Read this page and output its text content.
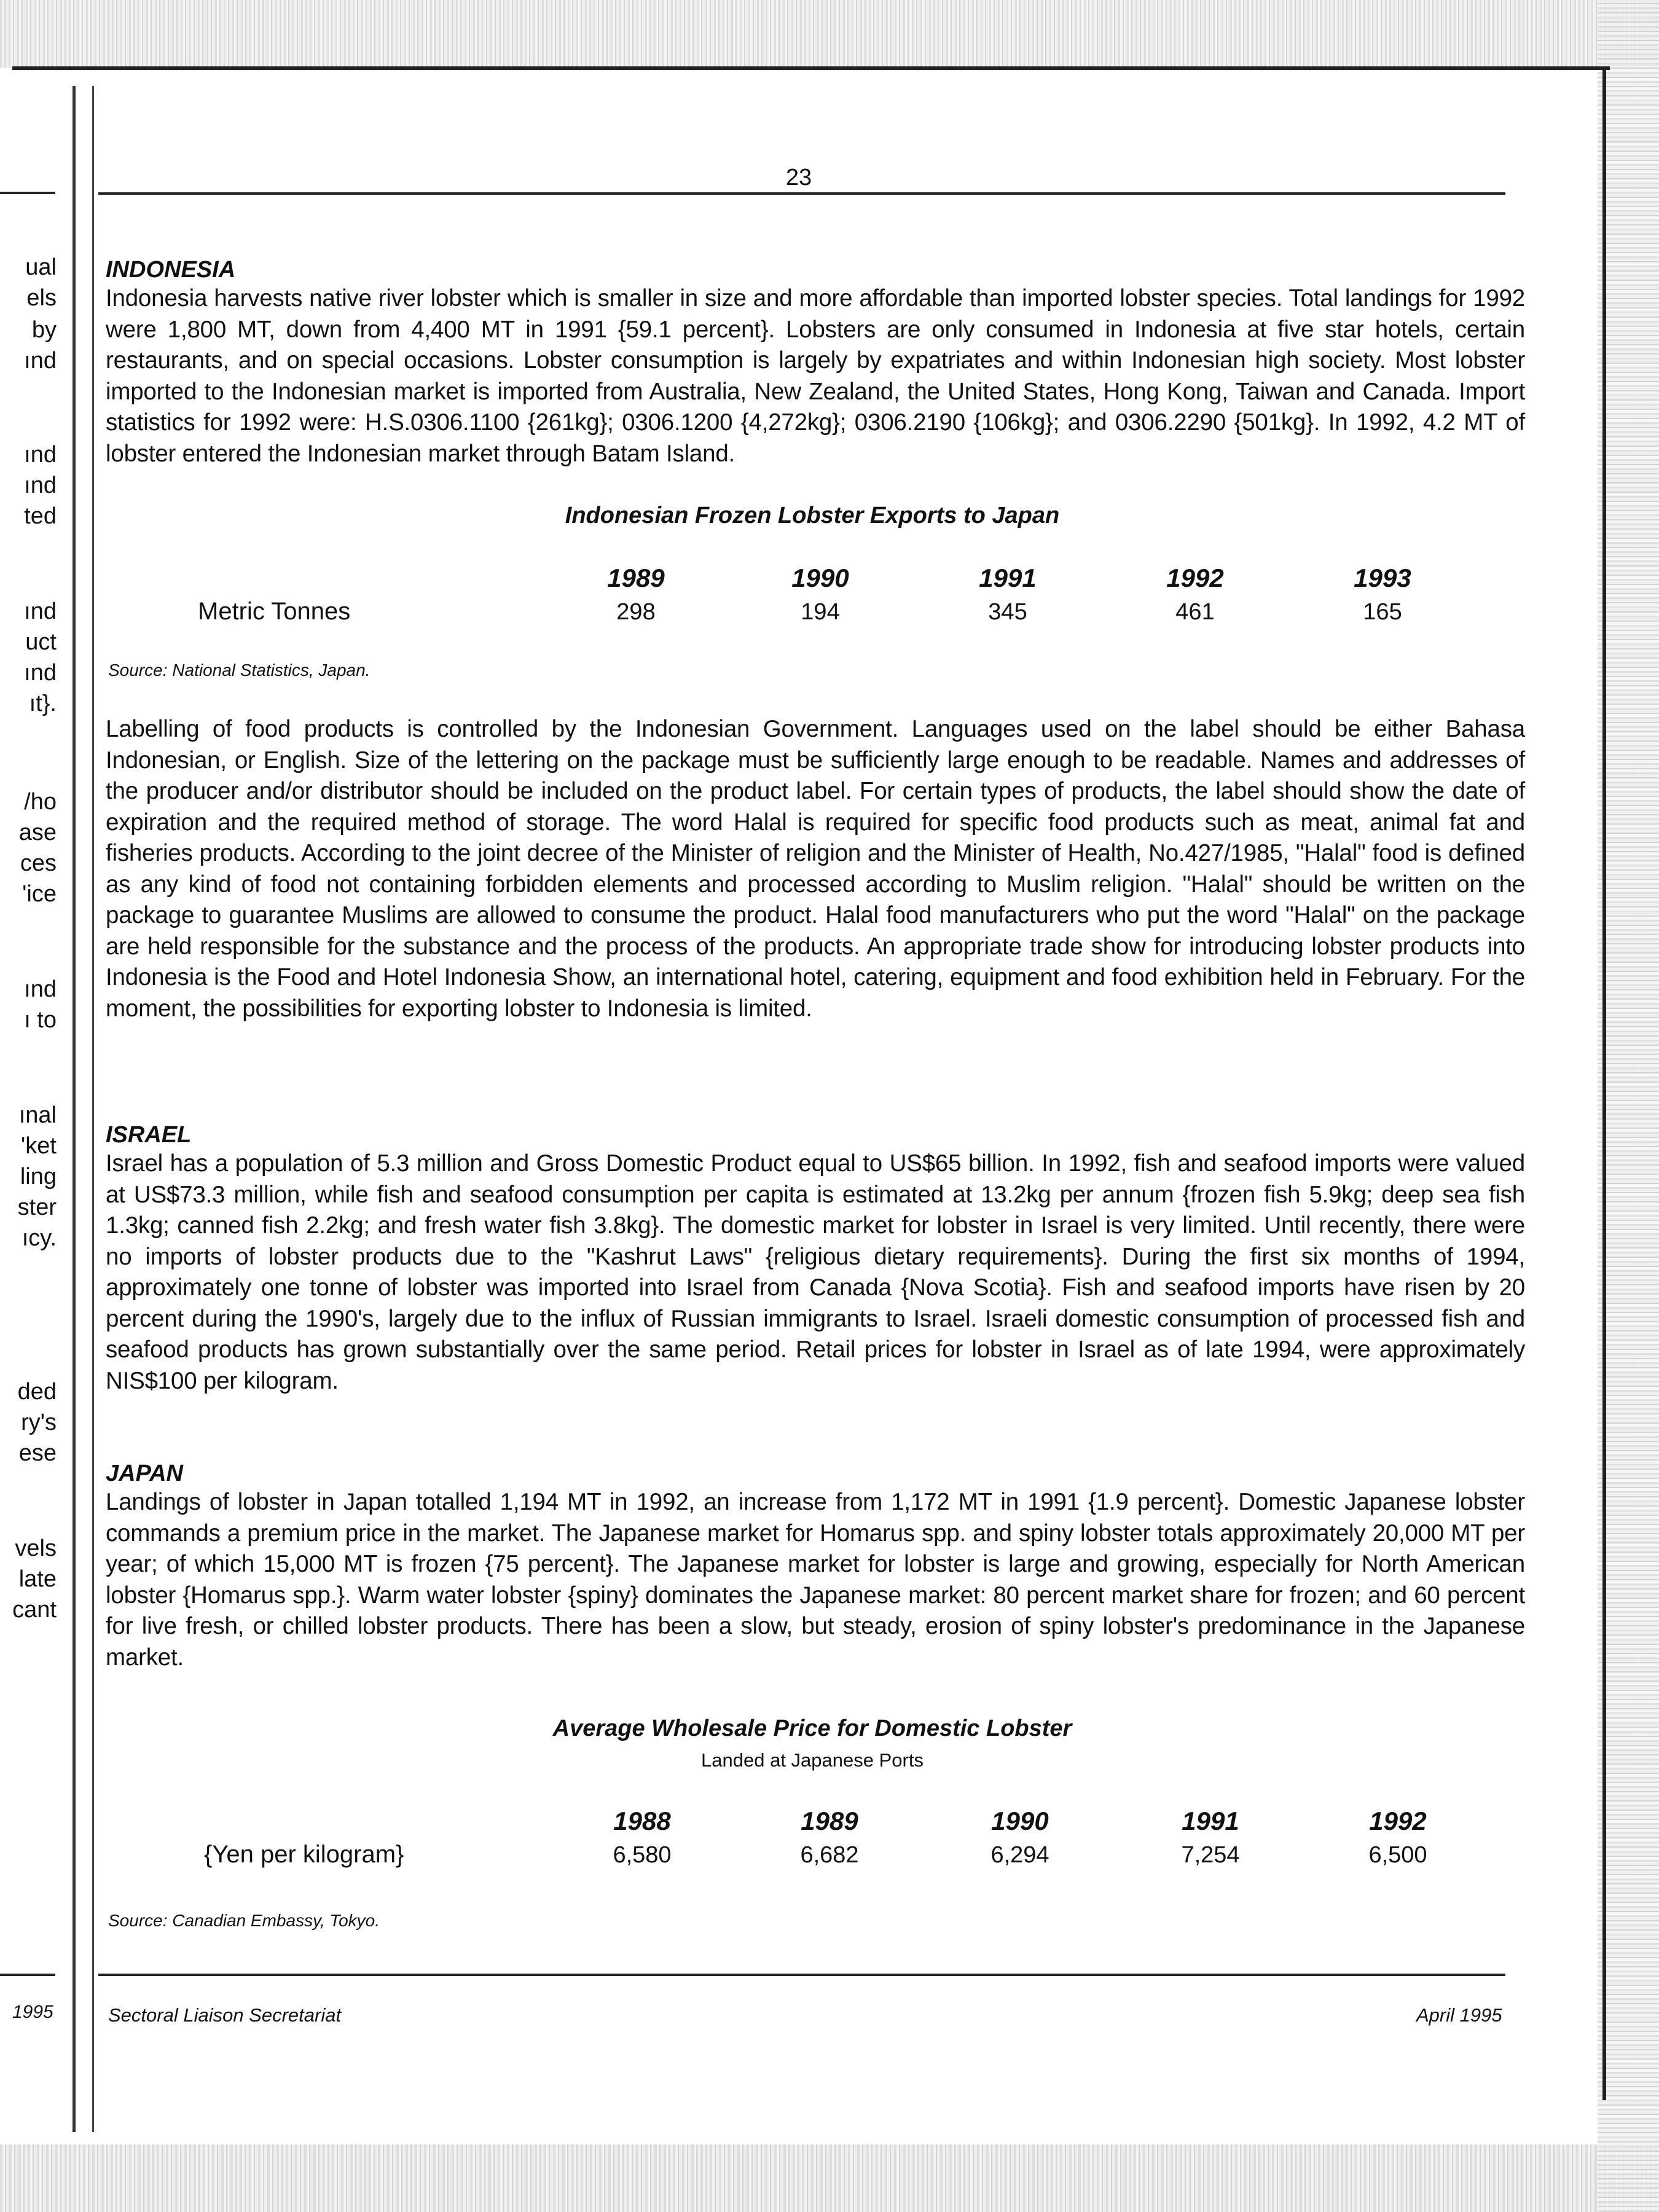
ual
els
by
ınd
ınd
ınd
ted
ınd
uct
ınd
ıt}.
/ho
ase
ces
'ice
ınd
ı to
ınal
'ket
ling
ster
ıcy.
ded
ry's
ese
vels
late
cant
1995
23
INDONESIA

Indonesia harvests native river lobster which is smaller in size and more affordable than imported lobster species. Total landings for 1992 were 1,800 MT, down from 4,400 MT in 1991 {59.1 percent}. Lobsters are only consumed in Indonesia at five star hotels, certain restaurants, and on special occasions. Lobster consumption is largely by expatriates and within Indonesian high society. Most lobster imported to the Indonesian market is imported from Australia, New Zealand, the United States, Hong Kong, Taiwan and Canada. Import statistics for 1992 were: H.S.0306.1100 {261kg}; 0306.1200 {4,272kg}; 0306.2190 {106kg}; and 0306.2290 {501kg}. In 1992, 4.2 MT of lobster entered the Indonesian market through Batam Island.

Indonesian Frozen Lobster Exports to Japan
1989	1990	1991	1992	1993
Metric Tonnes	298	194	345	461	165
Source: National Statistics, Japan.

Labelling of food products is controlled by the Indonesian Government. Languages used on the label should be either Bahasa Indonesian, or English. Size of the lettering on the package must be sufficiently large enough to be readable. Names and addresses of the producer and/or distributor should be included on the product label. For certain types of products, the label should show the date of expiration and the required method of storage. The word Halal is required for specific food products such as meat, animal fat and fisheries products. According to the joint decree of the Minister of religion and the Minister of Health, No.427/1985, "Halal" food is defined as any kind of food not containing forbidden elements and processed according to Muslim religion. "Halal" should be written on the package to guarantee Muslims are allowed to consume the product. Halal food manufacturers who put the word "Halal" on the package are held responsible for the substance and the process of the products. An appropriate trade show for introducing lobster products into Indonesia is the Food and Hotel Indonesia Show, an international hotel, catering, equipment and food exhibition held in February. For the moment, the possibilities for exporting lobster to Indonesia is limited.

ISRAEL

Israel has a population of 5.3 million and Gross Domestic Product equal to US$65 billion. In 1992, fish and seafood imports were valued at US$73.3 million, while fish and seafood consumption per capita is estimated at 13.2kg per annum {frozen fish 5.9kg; deep sea fish 1.3kg; canned fish 2.2kg; and fresh water fish 3.8kg}. The domestic market for lobster in Israel is very limited. Until recently, there were no imports of lobster products due to the "Kashrut Laws" {religious dietary requirements}. During the first six months of 1994, approximately one tonne of lobster was imported into Israel from Canada {Nova Scotia}. Fish and seafood imports have risen by 20 percent during the 1990's, largely due to the influx of Russian immigrants to Israel. Israeli domestic consumption of processed fish and seafood products has grown substantially over the same period. Retail prices for lobster in Israel as of late 1994, were approximately NIS$100 per kilogram.

JAPAN

Landings of lobster in Japan totalled 1,194 MT in 1992, an increase from 1,172 MT in 1991 {1.9 percent}. Domestic Japanese lobster commands a premium price in the market. The Japanese market for Homarus spp. and spiny lobster totals approximately 20,000 MT per year; of which 15,000 MT is frozen {75 percent}. The Japanese market for lobster is large and growing, especially for North American lobster {Homarus spp.}. Warm water lobster {spiny} dominates the Japanese market: 80 percent market share for frozen; and 60 percent for live fresh, or chilled lobster products. There has been a slow, but steady, erosion of spiny lobster's predominance in the Japanese market.

Average Wholesale Price for Domestic Lobster
Landed at Japanese Ports
1988	1989	1990	1991	1992
{Yen per kilogram}	6,580	6,682	6,294	7,254	6,500
Source: Canadian Embassy, Tokyo.
Sectoral Liaison Secretariat	April 1995
